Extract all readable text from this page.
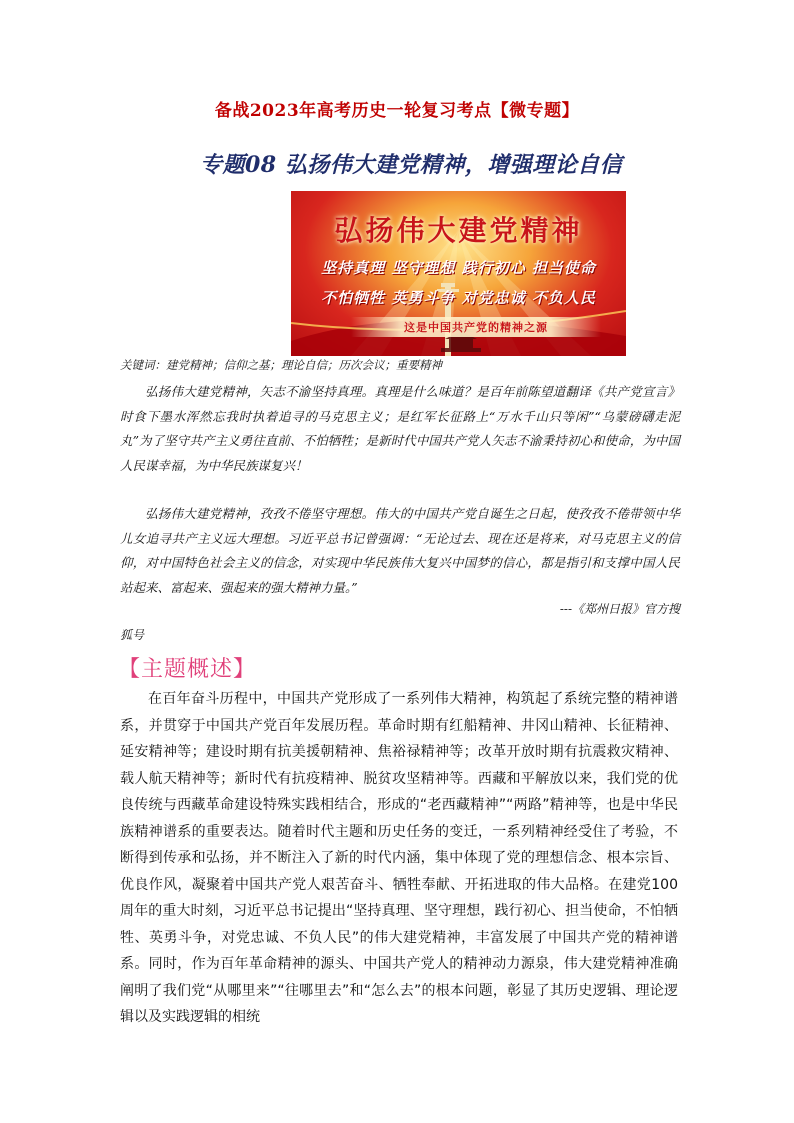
备战2023年高考历史一轮复习考点【微专题】
专题08 弘扬伟大建党精神，增强理论自信
弘扬伟大建党精神
坚持真理 坚守理想 践行初心 担当使命
不怕牺牲 英勇斗争 对党忠诚 不负人民
这是中国共产党的精神之源
关键词：建党精神；信仰之基；理论自信；历次会议；重要精神

弘扬伟大建党精神，矢志不渝坚持真理。真理是什么味道？是百年前陈望道翻译《共产党宣言》时食下墨水浑然忘我时执着追寻的马克思主义；是红军长征路上“万水千山只等闲”“乌蒙磅礴走泥丸”为了坚守共产主义勇往直前、不怕牺牲；是新时代中国共产党人矢志不渝秉持初心和使命，为中国人民谋幸福，为中华民族谋复兴！

弘扬伟大建党精神，孜孜不倦坚守理想。伟大的中国共产党自诞生之日起，使孜孜不倦带领中华儿女追寻共产主义远大理想。习近平总书记曾强调：“无论过去、现在还是将来，对马克思主义的信仰，对中国特色社会主义的信念，对实现中华民族伟大复兴中国梦的信心，都是指引和支撑中国人民站起来、富起来、强起来的强大精神力量。”

---《郑州日报》官方搜
狐号
【主题概述】

在百年奋斗历程中，中国共产党形成了一系列伟大精神，构筑起了系统完整的精神谱系，并贯穿于中国共产党百年发展历程。革命时期有红船精神、井冈山精神、长征精神、延安精神等；建设时期有抗美援朝精神、焦裕禄精神等；改革开放时期有抗震救灾精神、载人航天精神等；新时代有抗疫精神、脱贫攻坚精神等。西藏和平解放以来，我们党的优良传统与西藏革命建设特殊实践相结合，形成的“老西藏精神”“两路”精神等，也是中华民族精神谱系的重要表达。随着时代主题和历史任务的变迁，一系列精神经受住了考验，不断得到传承和弘扬，并不断注入了新的时代内涵，集中体现了党的理想信念、根本宗旨、优良作风，凝聚着中国共产党人艰苦奋斗、牺牲奉献、开拓进取的伟大品格。在建党100周年的重大时刻，习近平总书记提出“坚持真理、坚守理想，践行初心、担当使命，不怕牺牲、英勇斗争，对党忠诚、不负人民”的伟大建党精神，丰富发展了中国共产党的精神谱系。同时，作为百年革命精神的源头、中国共产党人的精神动力源泉，伟大建党精神准确阐明了我们党“从哪里来”“往哪里去”和“怎么去”的根本问题，彰显了其历史逻辑、理论逻辑以及实践逻辑的相统
